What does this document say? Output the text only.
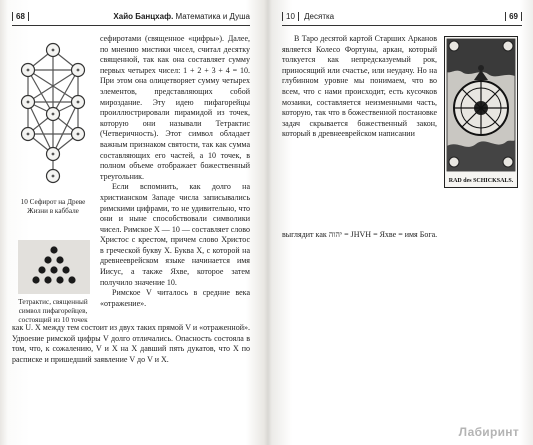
68	Хайо Банцхаф. Математика и Душа
10 Сефирот на Древе Жизни в каббале
Тетрактис, священный символ пифагорейцев, состоящий из 10 точек

сефиротами (священное «цифры»). Далее, по мнению мистики чисел, считал десятку священной, так как она составляет сумму первых четырех чисел: 1 + 2 + 3 + 4 = 10. При этом она олицетворяет сумму четырех элементов, представляющих собой мироздание. Эту идею пифагорейцы проиллюстрировали пирамидой из точек, которую они называли Тетрактис (Четверичность). Этот символ обладает важным признаком святости, так как сумма составляющих его частей, а 10 точек, в полном объеме отображает божественный треугольник.

Если вспомнить, как долго на христианском Западе числа записывались римскими цифрами, то не удивительно, что они и ныне способствовали символики чисел. Римское X — 10 — составляет слово Христос с крестом, причем слово Христос в греческой букву X. Буква X, с которой на древнееврейском языке начинается имя Иисус, а также Яхве, которое затем получило значение 10.

Римское V читалось в средние века «отражение».

как U. X между тем состоит из двух таких прямой V и «отраженной». Удвоение римской цифры V долго отличались. Опасность состояла в том, что, к сожалению, V и X на X давший пять дукатов, что X по расписке и пришедший заявление V до V и X.

10 Десятка	69

В Таро десятой картой Старших Арканов является Колесо Фортуны, аркан, который толкуется как непредсказуемый рок, приносящий или счастье, или неудачу. Но на глубинном уровне мы понимаем, что во всем, что с нами происходит, есть кусочков мозаики, составляется неизменными часть, которую, так что в божественной постановке задач скрывается божественный закон, который в древнееврейском написании

RAD des SCHICKSALS.

выглядит как יהוה = JHVH = Яхве = имя Бога.

Лабиринт
